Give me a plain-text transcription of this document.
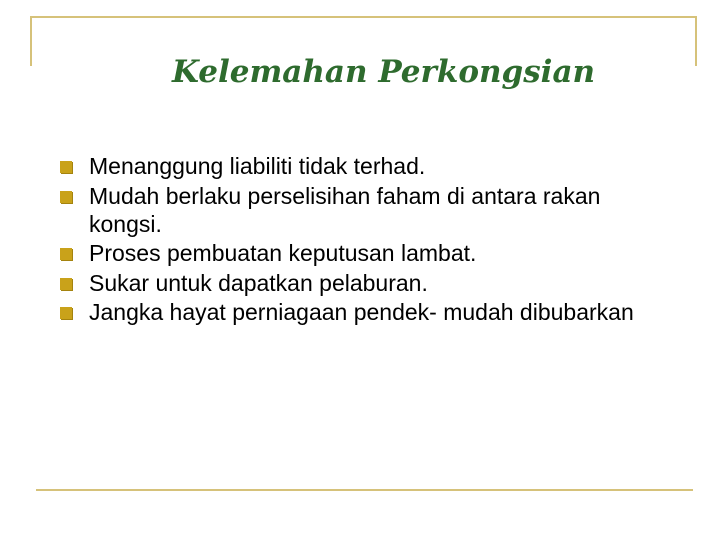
Kelemahan Perkongsian
Menanggung liabiliti tidak terhad.
Mudah berlaku perselisihan faham di antara rakan kongsi.
Proses pembuatan keputusan lambat.
Sukar untuk dapatkan pelaburan.
Jangka hayat perniagaan pendek- mudah dibubarkan
